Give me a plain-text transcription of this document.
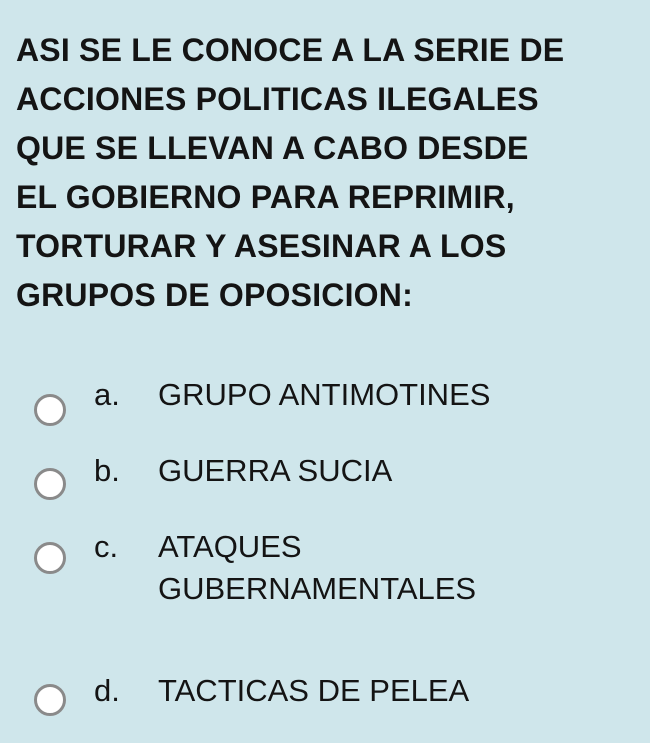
ASI SE LE CONOCE A LA SERIE DE
ACCIONES POLITICAS ILEGALES
QUE SE LLEVAN A CABO DESDE
EL GOBIERNO PARA REPRIMIR,
TORTURAR Y ASESINAR A LOS
GRUPOS DE OPOSICION:
a. GRUPO ANTIMOTINES
b. GUERRA SUCIA
c. ATAQUES
GUBERNAMENTALES
d. TACTICAS DE PELEA
